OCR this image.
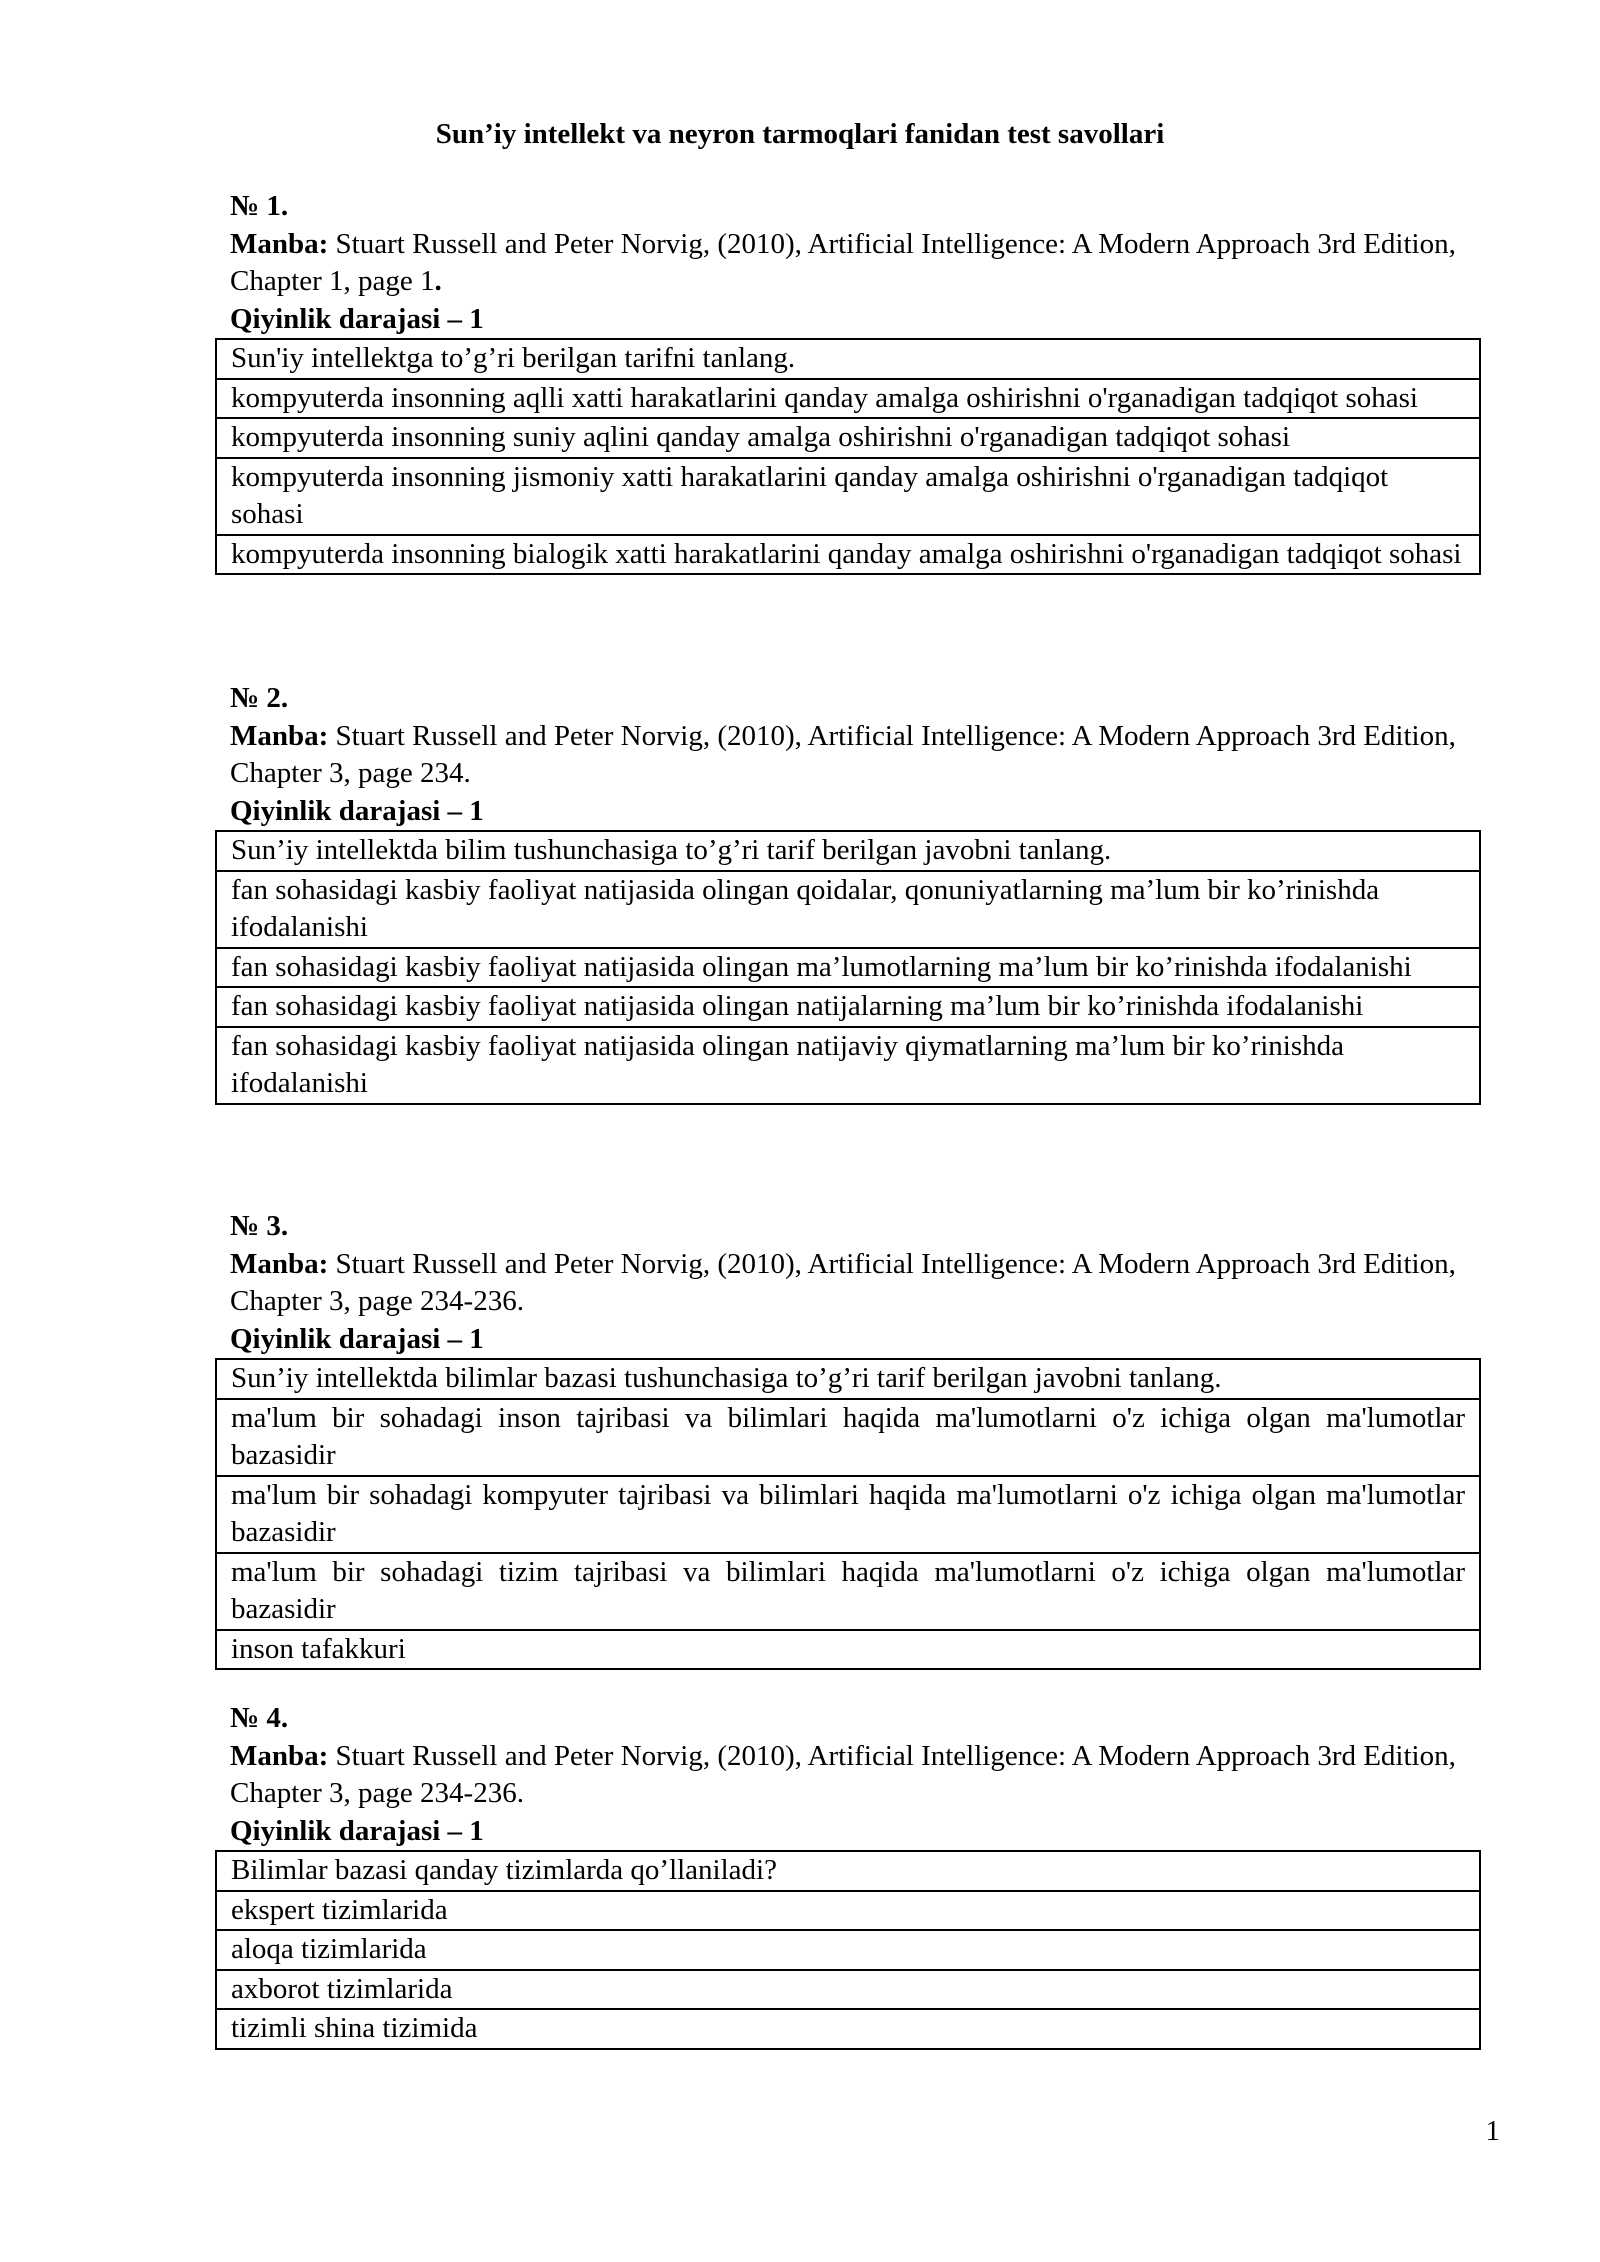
Sun’iy intellekt va neyron tarmoqlari fanidan test savollari
№ 1.
Manba: Stuart Russell and Peter Norvig, (2010), Artificial Intelligence: A Modern Approach 3rd Edition, Chapter 1, page 1.
Qiyinlik darajasi – 1
Sun'iy intellektga to’g’ri berilgan tarifni tanlang.
kompyuterda insonning aqlli xatti harakatlarini qanday amalga oshirishni o'rganadigan tadqiqot sohasi
kompyuterda insonning suniy aqlini qanday amalga oshirishni o'rganadigan tadqiqot sohasi
kompyuterda insonning jismoniy xatti harakatlarini qanday amalga oshirishni o'rganadigan tadqiqot sohasi
kompyuterda insonning bialogik xatti harakatlarini qanday amalga oshirishni o'rganadigan tadqiqot sohasi
№ 2.
Manba: Stuart Russell and Peter Norvig, (2010), Artificial Intelligence: A Modern Approach 3rd Edition, Chapter 3, page 234.
Qiyinlik darajasi – 1
Sun’iy intellektda bilim tushunchasiga to’g’ri tarif berilgan javobni tanlang.
fan sohasidagi kasbiy faoliyat natijasida olingan qoidalar, qonuniyatlarning ma’lum bir ko’rinishda ifodalanishi
fan sohasidagi kasbiy faoliyat natijasida olingan ma’lumotlarning ma’lum bir ko’rinishda ifodalanishi
fan sohasidagi kasbiy faoliyat natijasida olingan natijalarning ma’lum bir ko’rinishda ifodalanishi
fan sohasidagi kasbiy faoliyat natijasida olingan natijaviy qiymatlarning ma’lum bir ko’rinishda ifodalanishi
№ 3.
Manba: Stuart Russell and Peter Norvig, (2010), Artificial Intelligence: A Modern Approach 3rd Edition, Chapter 3, page 234-236.
Qiyinlik darajasi – 1
Sun’iy intellektda bilimlar bazasi tushunchasiga to’g’ri tarif berilgan javobni tanlang.
ma'lum bir sohadagi inson tajribasi va bilimlari haqida ma'lumotlarni o'z ichiga olgan ma'lumotlar bazasidir
ma'lum bir sohadagi kompyuter tajribasi va bilimlari haqida ma'lumotlarni o'z ichiga olgan ma'lumotlar bazasidir
ma'lum bir sohadagi tizim tajribasi va bilimlari haqida ma'lumotlarni o'z ichiga olgan ma'lumotlar bazasidir
inson tafakkuri
№ 4.
Manba: Stuart Russell and Peter Norvig, (2010), Artificial Intelligence: A Modern Approach 3rd Edition, Chapter 3, page 234-236.
Qiyinlik darajasi – 1
Bilimlar bazasi qanday tizimlarda qo’llaniladi?
ekspert tizimlarida
aloqa tizimlarida
axborot tizimlarida
tizimli shina tizimida
1
